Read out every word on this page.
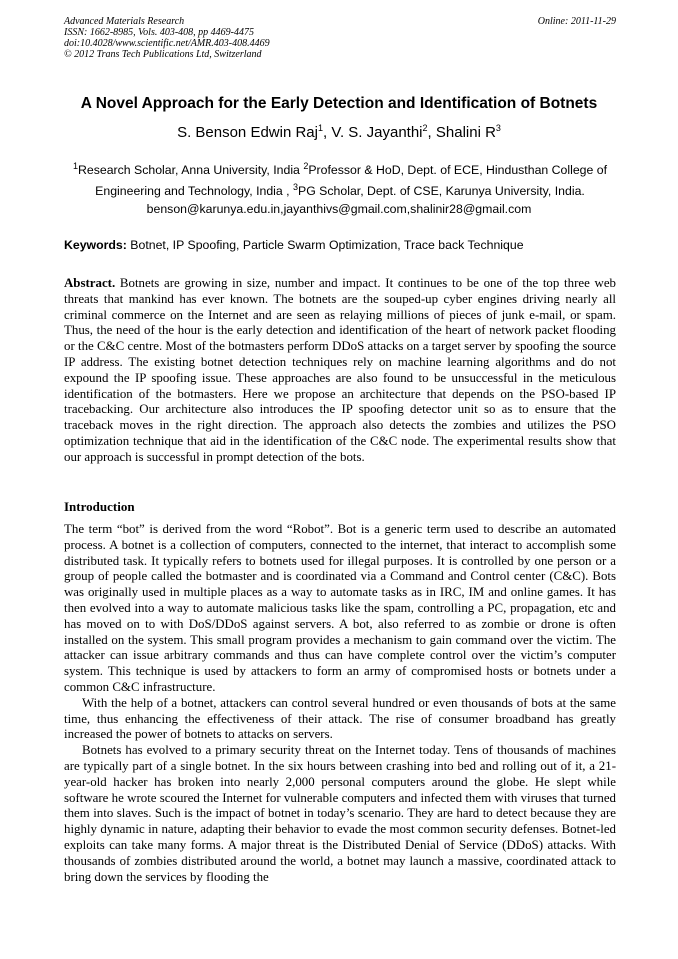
Advanced Materials Research
ISSN: 1662-8985, Vols. 403-408, pp 4469-4475
doi:10.4028/www.scientific.net/AMR.403-408.4469
© 2012 Trans Tech Publications Ltd, Switzerland
Online: 2011-11-29
A Novel Approach for the Early Detection and Identification of Botnets
S. Benson Edwin Raj$^1$, V. S. Jayanthi$^2$, Shalini $R^3$
$^1$Research Scholar, Anna University, India $^2$Professor & HoD, Dept. of ECE, Hindusthan College of Engineering and Technology, India , $^3$PG Scholar, Dept. of CSE, Karunya University, India.
benson@karunya.edu.in,jayanthivs@gmail.com,shalinir28@gmail.com
Keywords: Botnet, IP Spoofing, Particle Swarm Optimization, Trace back Technique
Abstract. Botnets are growing in size, number and impact. It continues to be one of the top three web threats that mankind has ever known. The botnets are the souped-up cyber engines driving nearly all criminal commerce on the Internet and are seen as relaying millions of pieces of junk e-mail, or spam. Thus, the need of the hour is the early detection and identification of the heart of network packet flooding or the C&C centre. Most of the botmasters perform DDoS attacks on a target server by spoofing the source IP address. The existing botnet detection techniques rely on machine learning algorithms and do not expound the IP spoofing issue. These approaches are also found to be unsuccessful in the meticulous identification of the botmasters. Here we propose an architecture that depends on the PSO-based IP tracebacking. Our architecture also introduces the IP spoofing detector unit so as to ensure that the traceback moves in the right direction. The approach also detects the zombies and utilizes the PSO optimization technique that aid in the identification of the C&C node. The experimental results show that our approach is successful in prompt detection of the bots.
Introduction

The term “bot” is derived from the word “Robot”. Bot is a generic term used to describe an automated process. A botnet is a collection of computers, connected to the internet, that interact to accomplish some distributed task. It typically refers to botnets used for illegal purposes. It is controlled by one person or a group of people called the botmaster and is coordinated via a Command and Control center (C&C). Bots was originally used in multiple places as a way to automate tasks as in IRC, IM and online games. It has then evolved into a way to automate malicious tasks like the spam, controlling a PC, propagation, etc and has moved on to with DoS/DDoS against servers. A bot, also referred to as zombie or drone is often installed on the system. This small program provides a mechanism to gain command over the victim. The attacker can issue arbitrary commands and thus can have complete control over the victim’s computer system. This technique is used by attackers to form an army of compromised hosts or botnets under a common C&C infrastructure.

With the help of a botnet, attackers can control several hundred or even thousands of bots at the same time, thus enhancing the effectiveness of their attack. The rise of consumer broadband has greatly increased the power of botnets to attacks on servers.

Botnets has evolved to a primary security threat on the Internet today. Tens of thousands of machines are typically part of a single botnet. In the six hours between crashing into bed and rolling out of it, a 21-year-old hacker has broken into nearly 2,000 personal computers around the globe. He slept while software he wrote scoured the Internet for vulnerable computers and infected them with viruses that turned them into slaves. Such is the impact of botnet in today’s scenario. They are hard to detect because they are highly dynamic in nature, adapting their behavior to evade the most common security defenses. Botnet-led exploits can take many forms. A major threat is the Distributed Denial of Service (DDoS) attacks. With thousands of zombies distributed around the world, a botnet may launch a massive, coordinated attack to bring down the services by flooding the
